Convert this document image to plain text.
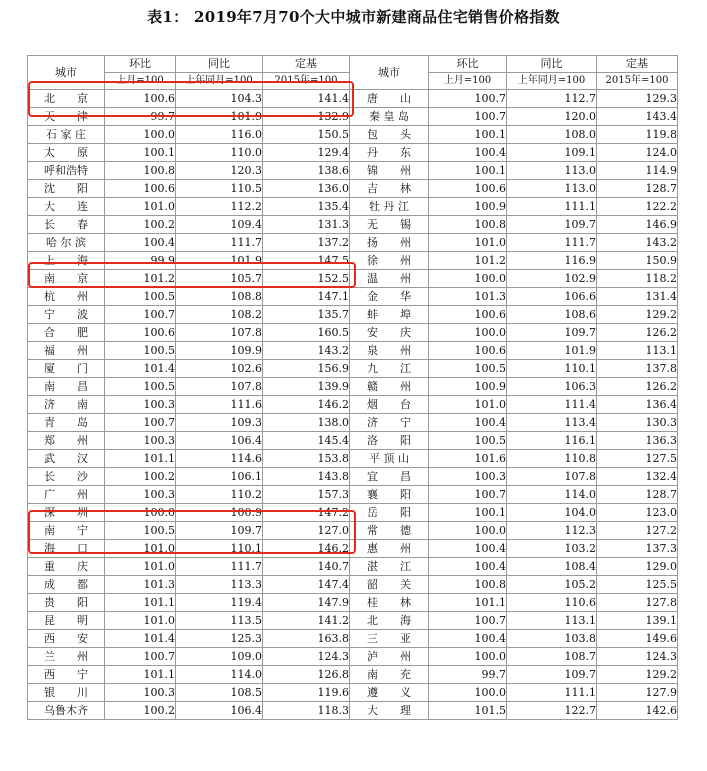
表1： 2019年7月70个大中城市新建商品住宅销售价格指数
城市	环比	同比	定基	城市	环比	同比	定基
	上月=100	上年同月=100	2015年=100		上月=100	上年同月=100	2015年=100
北　　京	100.6	104.3	141.4	唐　　山	100.7	112.7	129.3
天　　津	99.7	101.9	132.9	秦 皇 岛	100.7	120.0	143.4
石 家 庄	100.0	116.0	150.5	包　　头	100.1	108.0	119.8
太　　原	100.1	110.0	129.4	丹　　东	100.4	109.1	124.0
呼和浩特	100.8	120.3	138.6	锦　　州	100.1	113.0	114.9
沈　　阳	100.6	110.5	136.0	吉　　林	100.6	113.0	128.7
大　　连	101.0	112.2	135.4	牡 丹 江	100.9	111.1	122.2
长　　春	100.2	109.4	131.3	无　　锡	100.8	109.7	146.9
哈 尔 滨	100.4	111.7	137.2	扬　　州	101.0	111.7	143.2
上　　海	99.9	101.9	147.5	徐　　州	101.2	116.9	150.9
南　　京	101.2	105.7	152.5	温　　州	100.0	102.9	118.2
杭　　州	100.5	108.8	147.1	金　　华	101.3	106.6	131.4
宁　　波	100.7	108.2	135.7	蚌　　埠	100.6	108.6	129.2
合　　肥	100.6	107.8	160.5	安　　庆	100.0	109.7	126.2
福　　州	100.5	109.9	143.2	泉　　州	100.6	101.9	113.1
厦　　门	101.4	102.6	156.9	九　　江	100.5	110.1	137.8
南　　昌	100.5	107.8	139.9	赣　　州	100.9	106.3	126.2
济　　南	100.3	111.6	146.2	烟　　台	101.0	111.4	136.4
青　　岛	100.7	109.3	138.0	济　　宁	100.4	113.4	130.3
郑　　州	100.3	106.4	145.4	洛　　阳	100.5	116.1	136.3
武　　汉	101.1	114.6	153.8	平 顶 山	101.6	110.8	127.5
长　　沙	100.2	106.1	143.8	宜　　昌	100.3	107.8	132.4
广　　州	100.3	110.2	157.3	襄　　阳	100.7	114.0	128.7
深　　圳	100.0	100.9	147.2	岳　　阳	100.1	104.0	123.0
南　　宁	100.5	109.7	127.0	常　　德	100.0	112.3	127.2
海　　口	101.0	110.1	146.2	惠　　州	100.4	103.2	137.3
重　　庆	101.0	111.7	140.7	湛　　江	100.4	108.4	129.0
成　　都	101.3	113.3	147.4	韶　　关	100.8	105.2	125.5
贵　　阳	101.1	119.4	147.9	桂　　林	101.1	110.6	127.8
昆　　明	101.0	113.5	141.2	北　　海	100.7	113.1	139.1
西　　安	101.4	125.3	163.8	三　　亚	100.4	103.8	149.6
兰　　州	100.7	109.0	124.3	泸　　州	100.0	108.7	124.3
西　　宁	101.1	114.0	126.8	南　　充	99.7	109.7	129.2
银　　川	100.3	108.5	119.6	遵　　义	100.0	111.1	127.9
乌鲁木齐	100.2	106.4	118.3	大　　理	101.5	122.7	142.6
